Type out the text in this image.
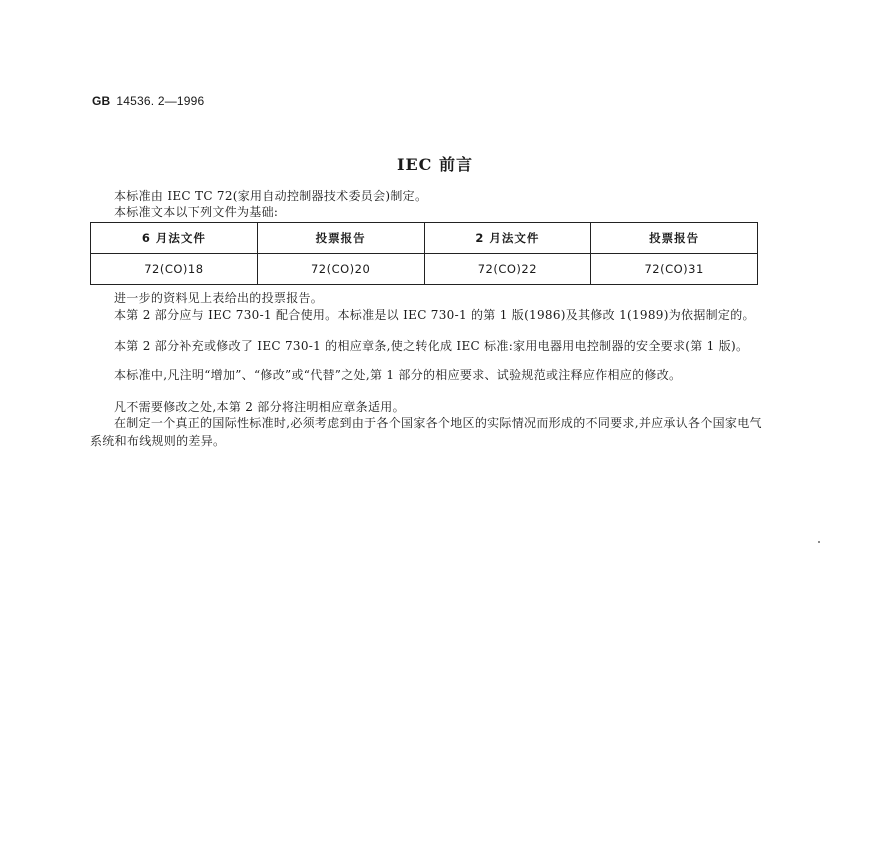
GB 14536. 2—1996
IEC 前言

本标准由 IEC TC 72(家用自动控制器技术委员会)制定。

本标准文本以下列文件为基础:

6 月法文件	投票报告	2 月法文件	投票报告
72(CO)18	72(CO)20	72(CO)22	72(CO)31

进一步的资料见上表给出的投票报告。

本第 2 部分应与 IEC 730-1 配合使用。本标准是以 IEC 730-1 的第 1 版(1986)及其修改 1(1989)为依据制定的。

本第 2 部分补充或修改了 IEC 730-1 的相应章条,使之转化成 IEC 标准:家用电器用电控制器的安全要求(第 1 版)。

本标准中,凡注明“增加”、“修改”或“代替”之处,第 1 部分的相应要求、试验规范或注释应作相应的修改。

凡不需要修改之处,本第 2 部分将注明相应章条适用。

在制定一个真正的国际性标准时,必须考虑到由于各个国家各个地区的实际情况而形成的不同要求,并应承认各个国家电气系统和布线规则的差异。
